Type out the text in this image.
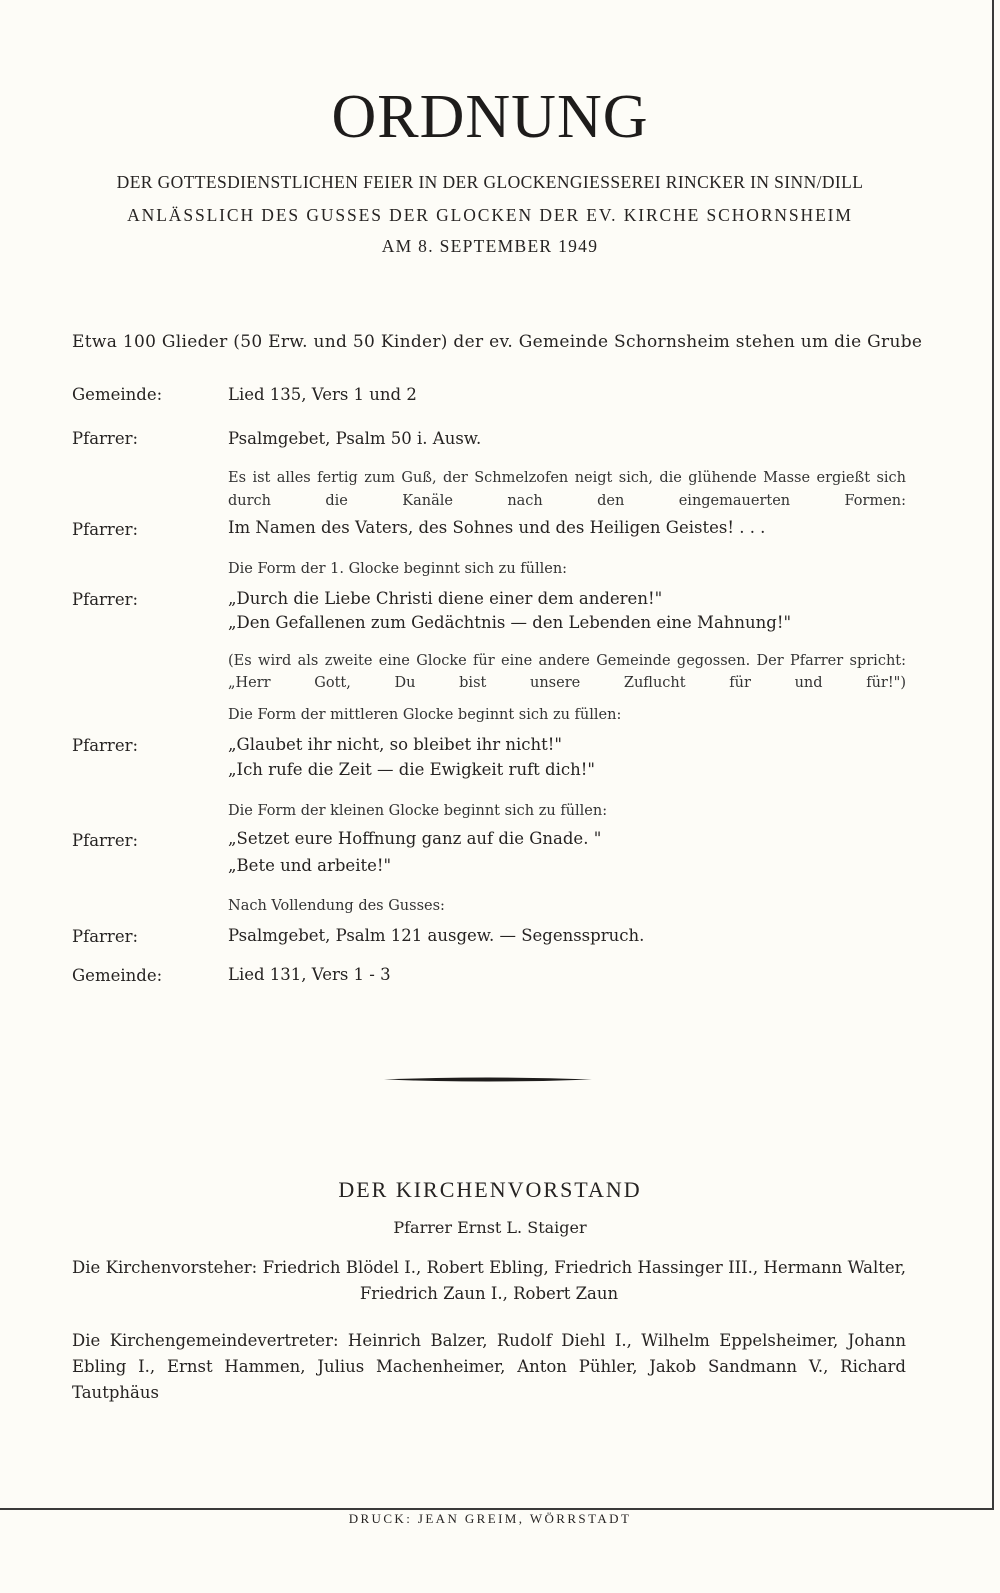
ORDNUNG
DER GOTTESDIENSTLICHEN FEIER IN DER GLOCKENGIESSEREI RINCKER IN SINN/DILL
ANLÄSSLICH DES GUSSES DER GLOCKEN DER EV. KIRCHE SCHORNSHEIM
AM 8. SEPTEMBER 1949
Etwa 100 Glieder (50 Erw. und 50 Kinder) der ev. Gemeinde Schornsheim stehen um die Grube
Gemeinde:	Lied 135, Vers 1 und 2
Pfarrer:	Psalmgebet, Psalm 50 i. Ausw.
Es ist alles fertig zum Guß, der Schmelzofen neigt sich, die glühende Masse ergießt sich durch die Kanäle nach den eingemauerten Formen:
Pfarrer:	Im Namen des Vaters, des Sohnes und des Heiligen Geistes! . . .
Die Form der 1. Glocke beginnt sich zu füllen:
Pfarrer:	„Durch die Liebe Christi diene einer dem anderen!"
„Den Gefallenen zum Gedächtnis — den Lebenden eine Mahnung!"
(Es wird als zweite eine Glocke für eine andere Gemeinde gegossen. Der Pfarrer spricht: „Herr Gott, Du bist unsere Zuflucht für und für!")
Die Form der mittleren Glocke beginnt sich zu füllen:
Pfarrer:	„Glaubet ihr nicht, so bleibet ihr nicht!"
„Ich rufe die Zeit — die Ewigkeit ruft dich!"
Die Form der kleinen Glocke beginnt sich zu füllen:
Pfarrer:	„Setzet eure Hoffnung ganz auf die Gnade. "
„Bete und arbeite!"
Nach Vollendung des Gusses:
Pfarrer:	Psalmgebet, Psalm 121 ausgew. — Segensspruch.
Gemeinde:	Lied 131, Vers 1 - 3
DER KIRCHENVORSTAND
Pfarrer Ernst L. Staiger
Die Kirchenvorsteher: Friedrich Blödel I., Robert Ebling, Friedrich Hassinger III., Hermann Walter, Friedrich Zaun I., Robert Zaun
Die Kirchengemeindevertreter: Heinrich Balzer, Rudolf Diehl I., Wilhelm Eppelsheimer, Johann Ebling I., Ernst Hammen, Julius Machenheimer, Anton Pühler, Jakob Sandmann V., Richard Tautphäus
DRUCK: JEAN GREIM, WÖRRSTADT
